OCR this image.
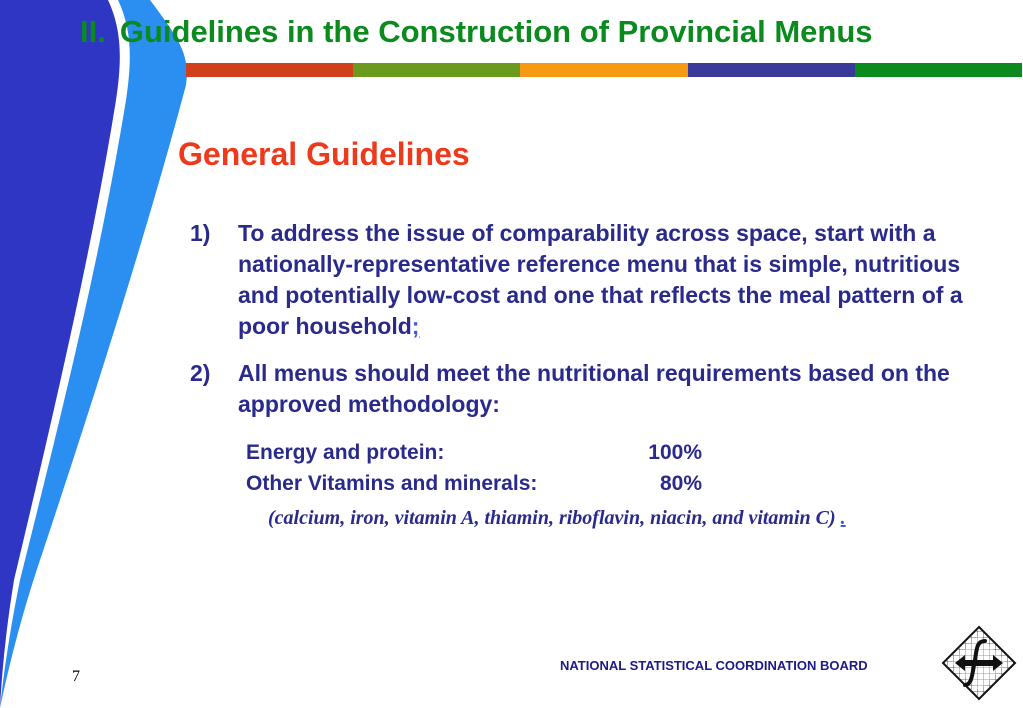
II. Guidelines in the Construction of Provincial Menus
General Guidelines
1)	To address the issue of comparability across space, start with a nationally-representative reference menu that is simple, nutritious and potentially low-cost and one that reflects the meal pattern of a poor household;
2)	All menus should meet the nutritional requirements based on the approved methodology:
Energy and protein:	100%
Other Vitamins and minerals:	80%
(calcium, iron, vitamin A, thiamin, riboflavin, niacin, and vitamin C) .
7
NATIONAL STATISTICAL COORDINATION BOARD
